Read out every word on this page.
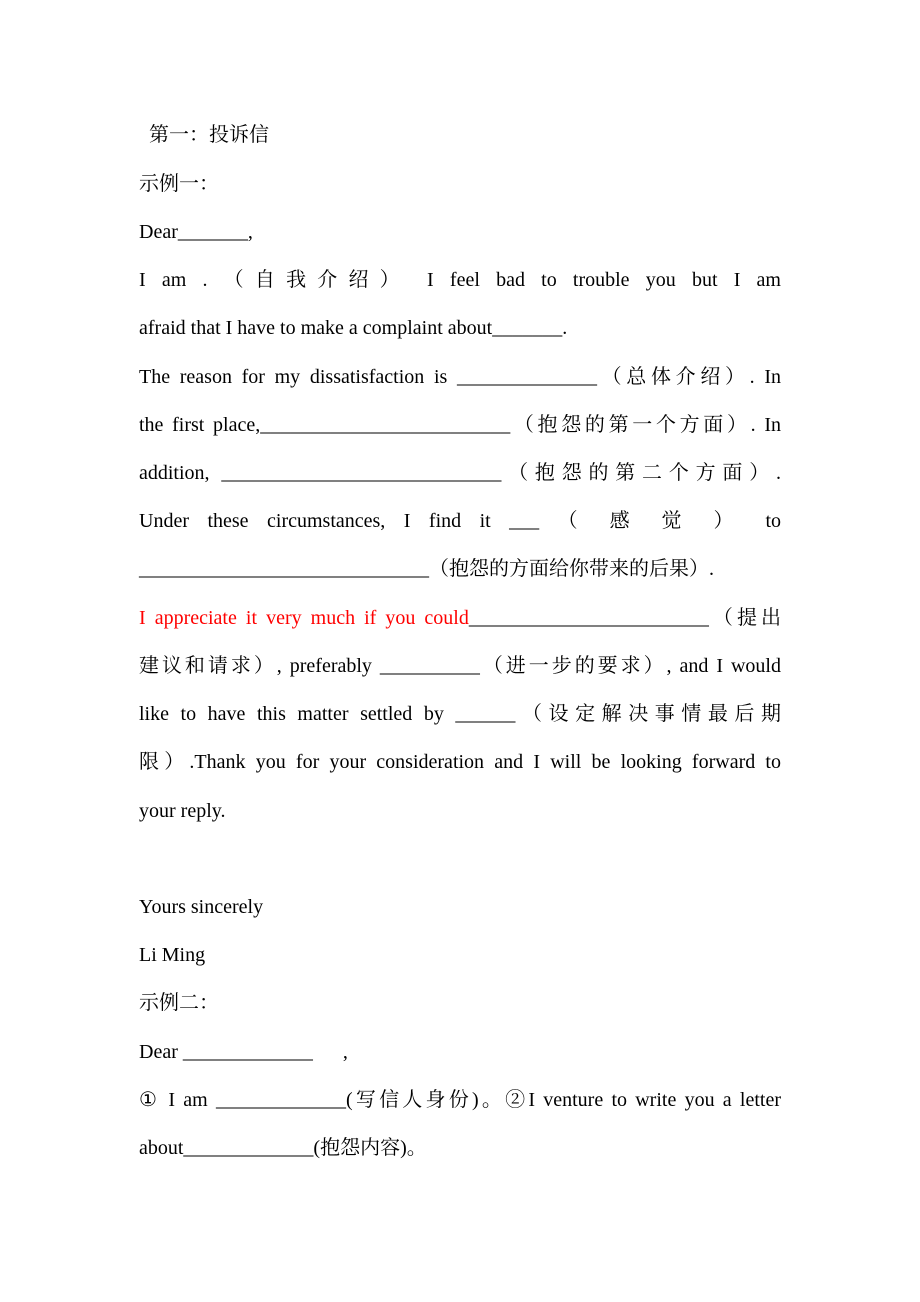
第一：投诉信
示例一：
Dear_______,
I am . （自我介绍） I feel bad to trouble you but I am
afraid that I have to make a complaint about_______.
The reason for my dissatisfaction is ______________（总体介绍）. In
the first place,_________________________（抱怨的第一个方面）. In
addition, ____________________________（抱怨的第二个方面）.
Under these circumstances, I find it ___ （ 感 觉 ） to
_____________________________（抱怨的方面给你带来的后果）.
I appreciate it very much if you could________________________（提出
建议和请求）, preferably __________（进一步的要求）, and I would
like to have this matter settled by ______（设定解决事情最后期
限）.Thank you for your consideration and I will be looking forward to
your reply.
Yours sincerely
Li Ming
示例二：
Dear _____________      ,
① I am _____________(写信人身份)。②I venture to write you a letter
about_____________(抱怨内容)。
